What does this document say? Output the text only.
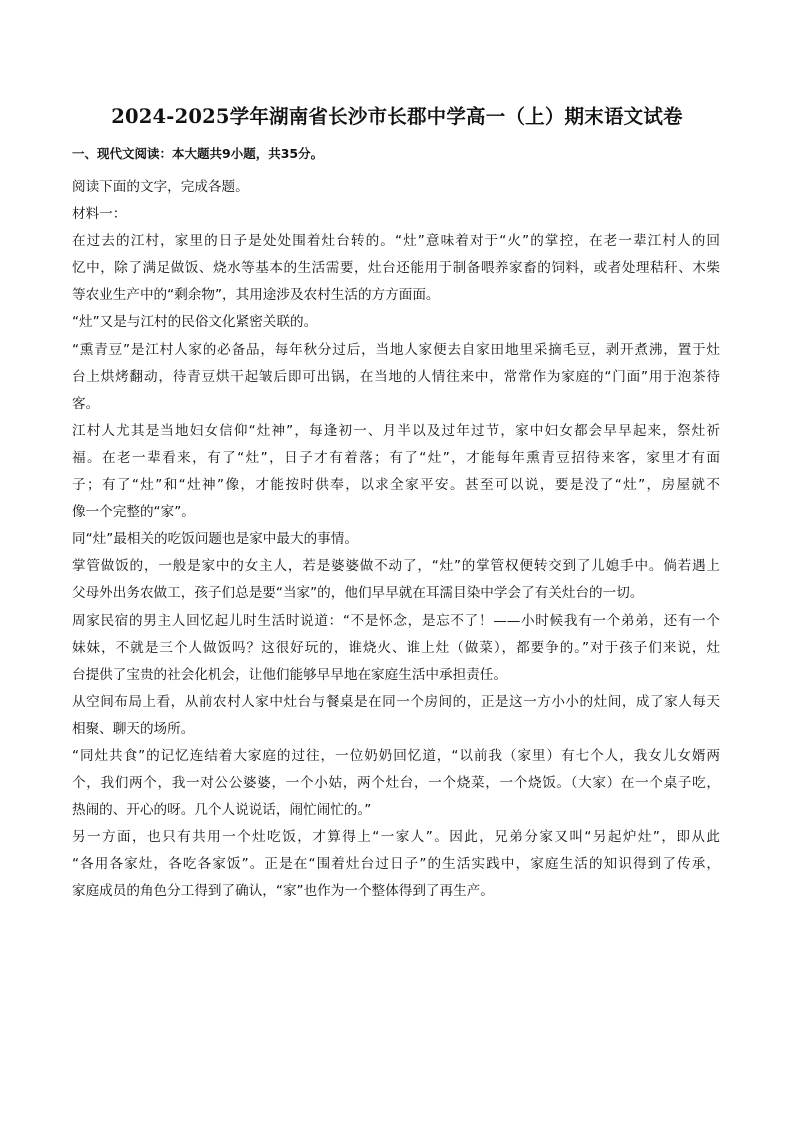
2024-2025学年湖南省长沙市长郡中学高一（上）期末语文试卷
一、现代文阅读：本大题共9小题，共35分。
阅读下面的文字，完成各题。
材料一：
在过去的江村，家里的日子是处处围着灶台转的。“灶”意味着对于“火”的掌控，在老一辈江村人的回
忆中，除了满足做饭、烧水等基本的生活需要，灶台还能用于制备喂养家畜的饲料，或者处理秸秆、木柴
等农业生产中的“剩余物”，其用途涉及农村生活的方方面面。
“灶”又是与江村的民俗文化紧密关联的。
“熏青豆”是江村人家的必备品，每年秋分过后，当地人家便去自家田地里采摘毛豆，剥开煮沸，置于灶
台上烘烤翻动，待青豆烘干起皱后即可出锅，在当地的人情往来中，常常作为家庭的“门面”用于泡茶待
客。
江村人尤其是当地妇女信仰“灶神”，每逢初一、月半以及过年过节，家中妇女都会早早起来，祭灶祈
福。在老一辈看来，有了“灶”，日子才有着落；有了“灶”，才能每年熏青豆招待来客，家里才有面
子；有了“灶”和“灶神”像，才能按时供奉，以求全家平安。甚至可以说，要是没了“灶”，房屋就不
像一个完整的“家”。
同“灶”最相关的吃饭问题也是家中最大的事情。
掌管做饭的，一般是家中的女主人，若是婆婆做不动了，“灶”的掌管权便转交到了儿媳手中。倘若遇上
父母外出务农做工，孩子们总是要“当家”的，他们早早就在耳濡目染中学会了有关灶台的一切。
周家民宿的男主人回忆起儿时生活时说道：“不是怀念，是忘不了！——小时候我有一个弟弟，还有一个
妹妹，不就是三个人做饭吗？这很好玩的，谁烧火、谁上灶（做菜），都要争的。”对于孩子们来说，灶
台提供了宝贵的社会化机会，让他们能够早早地在家庭生活中承担责任。
从空间布局上看，从前农村人家中灶台与餐桌是在同一个房间的，正是这一方小小的灶间，成了家人每天
相聚、聊天的场所。
“同灶共食”的记忆连结着大家庭的过往，一位奶奶回忆道，“以前我（家里）有七个人，我女儿女婿两
个，我们两个，我一对公公婆婆，一个小姑，两个灶台，一个烧菜，一个烧饭。（大家）在一个桌子吃，
热闹的、开心的呀。几个人说说话，闹忙闹忙的。”
另一方面，也只有共用一个灶吃饭，才算得上“一家人”。因此，兄弟分家又叫“另起炉灶”，即从此
“各用各家灶，各吃各家饭”。正是在“围着灶台过日子”的生活实践中，家庭生活的知识得到了传承，
家庭成员的角色分工得到了确认，“家”也作为一个整体得到了再生产。
